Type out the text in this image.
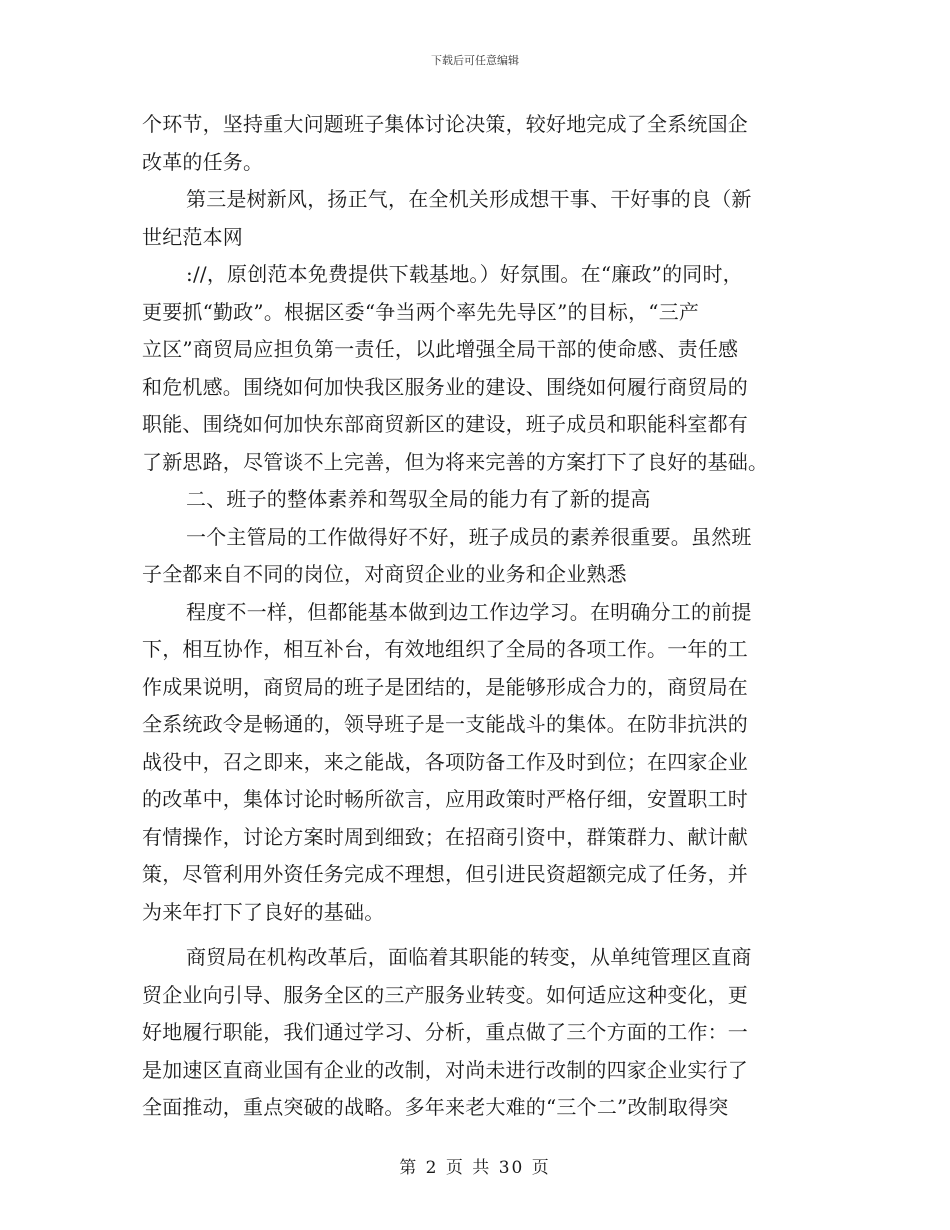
下载后可任意编辑
个环节，坚持重大问题班子集体讨论决策，较好地完成了全系统国企
改革的任务。
第三是树新风，扬正气，在全机关形成想干事、干好事的良（新
世纪范本网
://，原创范本免费提供下载基地。）好氛围。在“廉政”的同时，
更要抓“勤政”。根据区委“争当两个率先先导区”的目标，“三产
立区”商贸局应担负第一责任，以此增强全局干部的使命感、责任感
和危机感。围绕如何加快我区服务业的建设、围绕如何履行商贸局的
职能、围绕如何加快东部商贸新区的建设，班子成员和职能科室都有
了新思路，尽管谈不上完善，但为将来完善的方案打下了良好的基础。
二、班子的整体素养和驾驭全局的能力有了新的提高
一个主管局的工作做得好不好，班子成员的素养很重要。虽然班
子全都来自不同的岗位，对商贸企业的业务和企业熟悉
程度不一样，但都能基本做到边工作边学习。在明确分工的前提
下，相互协作，相互补台，有效地组织了全局的各项工作。一年的工
作成果说明，商贸局的班子是团结的，是能够形成合力的，商贸局在
全系统政令是畅通的，领导班子是一支能战斗的集体。在防非抗洪的
战役中，召之即来，来之能战，各项防备工作及时到位；在四家企业
的改革中，集体讨论时畅所欲言，应用政策时严格仔细，安置职工时
有情操作，讨论方案时周到细致；在招商引资中，群策群力、献计献
策，尽管利用外资任务完成不理想，但引进民资超额完成了任务，并
为来年打下了良好的基础。
商贸局在机构改革后，面临着其职能的转变，从单纯管理区直商
贸企业向引导、服务全区的三产服务业转变。如何适应这种变化，更
好地履行职能，我们通过学习、分析，重点做了三个方面的工作：一
是加速区直商业国有企业的改制，对尚未进行改制的四家企业实行了
全面推动，重点突破的战略。多年来老大难的“三个二”改制取得突
第 2 页 共 30 页
